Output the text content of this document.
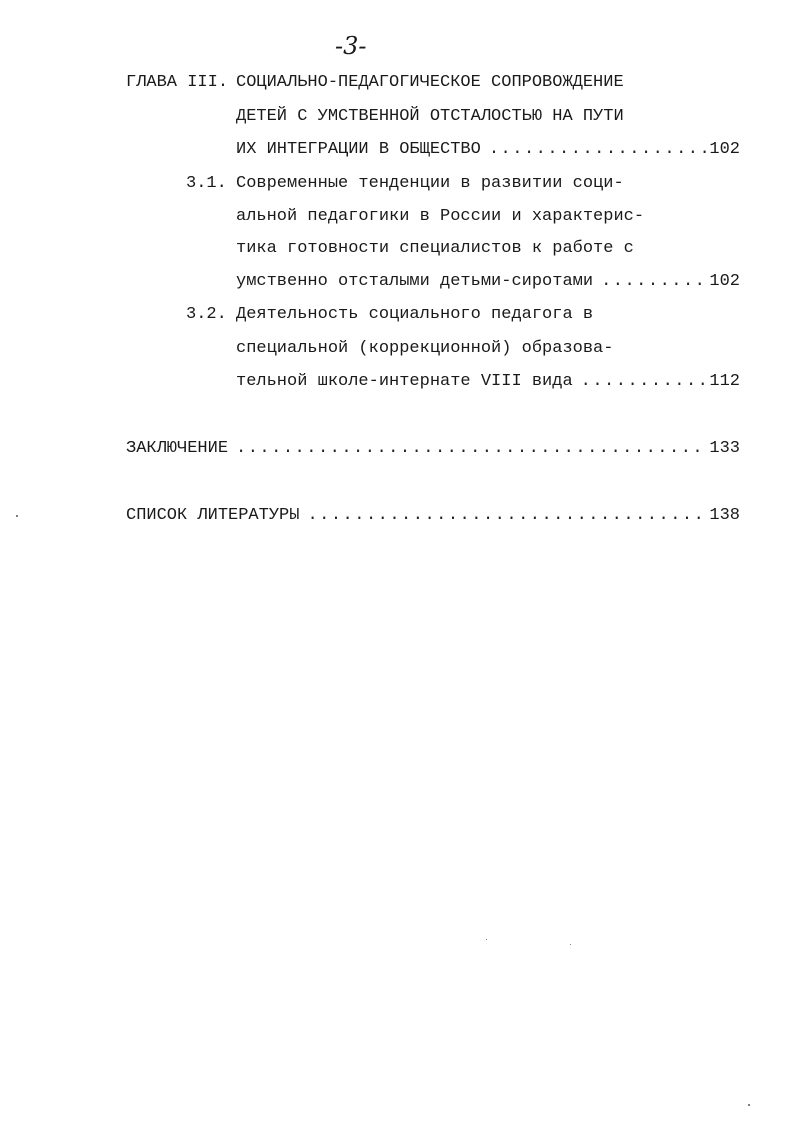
-3-
ГЛАВА III. СОЦИАЛЬНО-ПЕДАГОГИЧЕСКОЕ СОПРОВОЖДЕНИЕ
ДЕТЕЙ С УМСТВЕННОЙ ОТСТАЛОСТЬЮ НА ПУТИ
ИХ ИНТЕГРАЦИИ В ОБЩЕСТВО .....	102
3.1. Современные тенденции в развитии соци-
альной педагогики в России и характерис-
тика готовности специалистов к работе с
умственно отсталыми детьми-сиротами .....	102
3.2. Деятельность социального педагога в
специальной (коррекционной) образова-
тельной школе-интернате VIII вида .....	112
ЗАКЛЮЧЕНИЕ .....	133
СПИСОК ЛИТЕРАТУРЫ .....	138
